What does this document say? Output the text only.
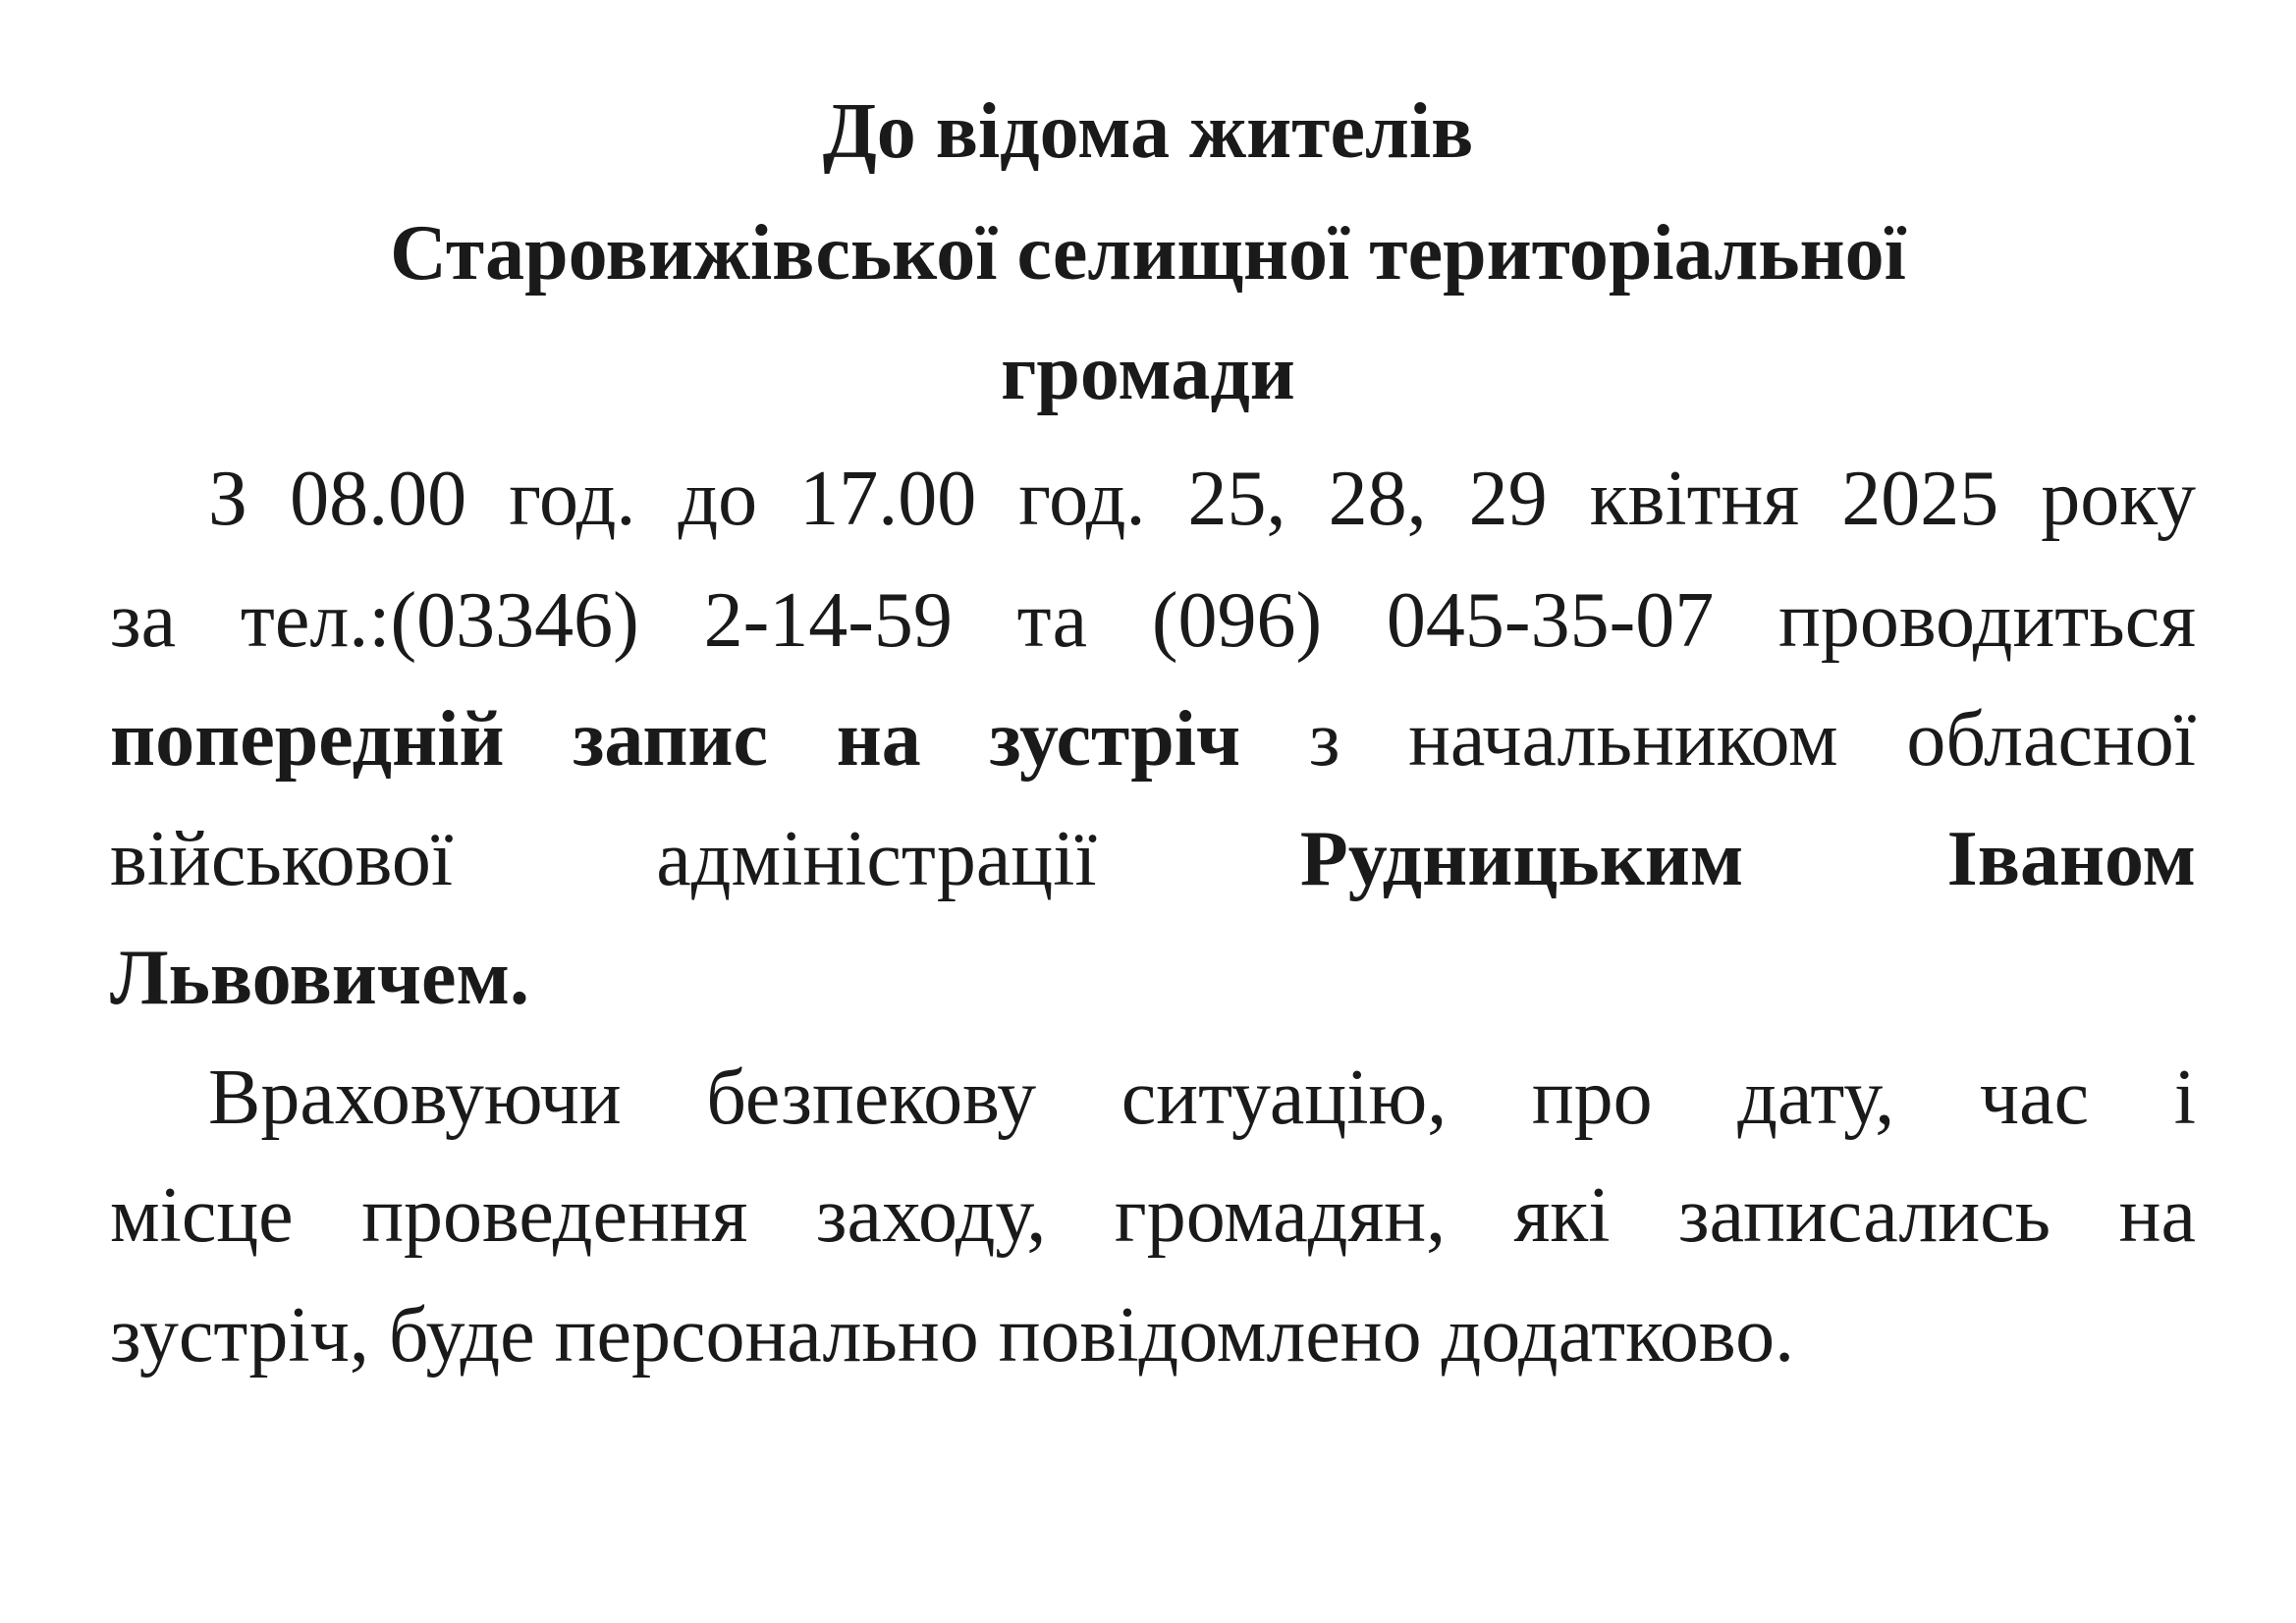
До відома жителів
Старовижівської селищної територіальної
громади
З 08.00 год. до 17.00 год. 25, 28, 29 квітня 2025 року
за тел.:(03346) 2-14-59 та (096) 045-35-07 проводиться
попередній запис на зустріч з начальником обласної
військової	адміністрації	Рудницьким	Іваном
Львовичем.
Враховуючи безпекову ситуацію, про дату, час і
місце проведення заходу, громадян, які записались на
зустріч, буде персонально повідомлено додатково.
